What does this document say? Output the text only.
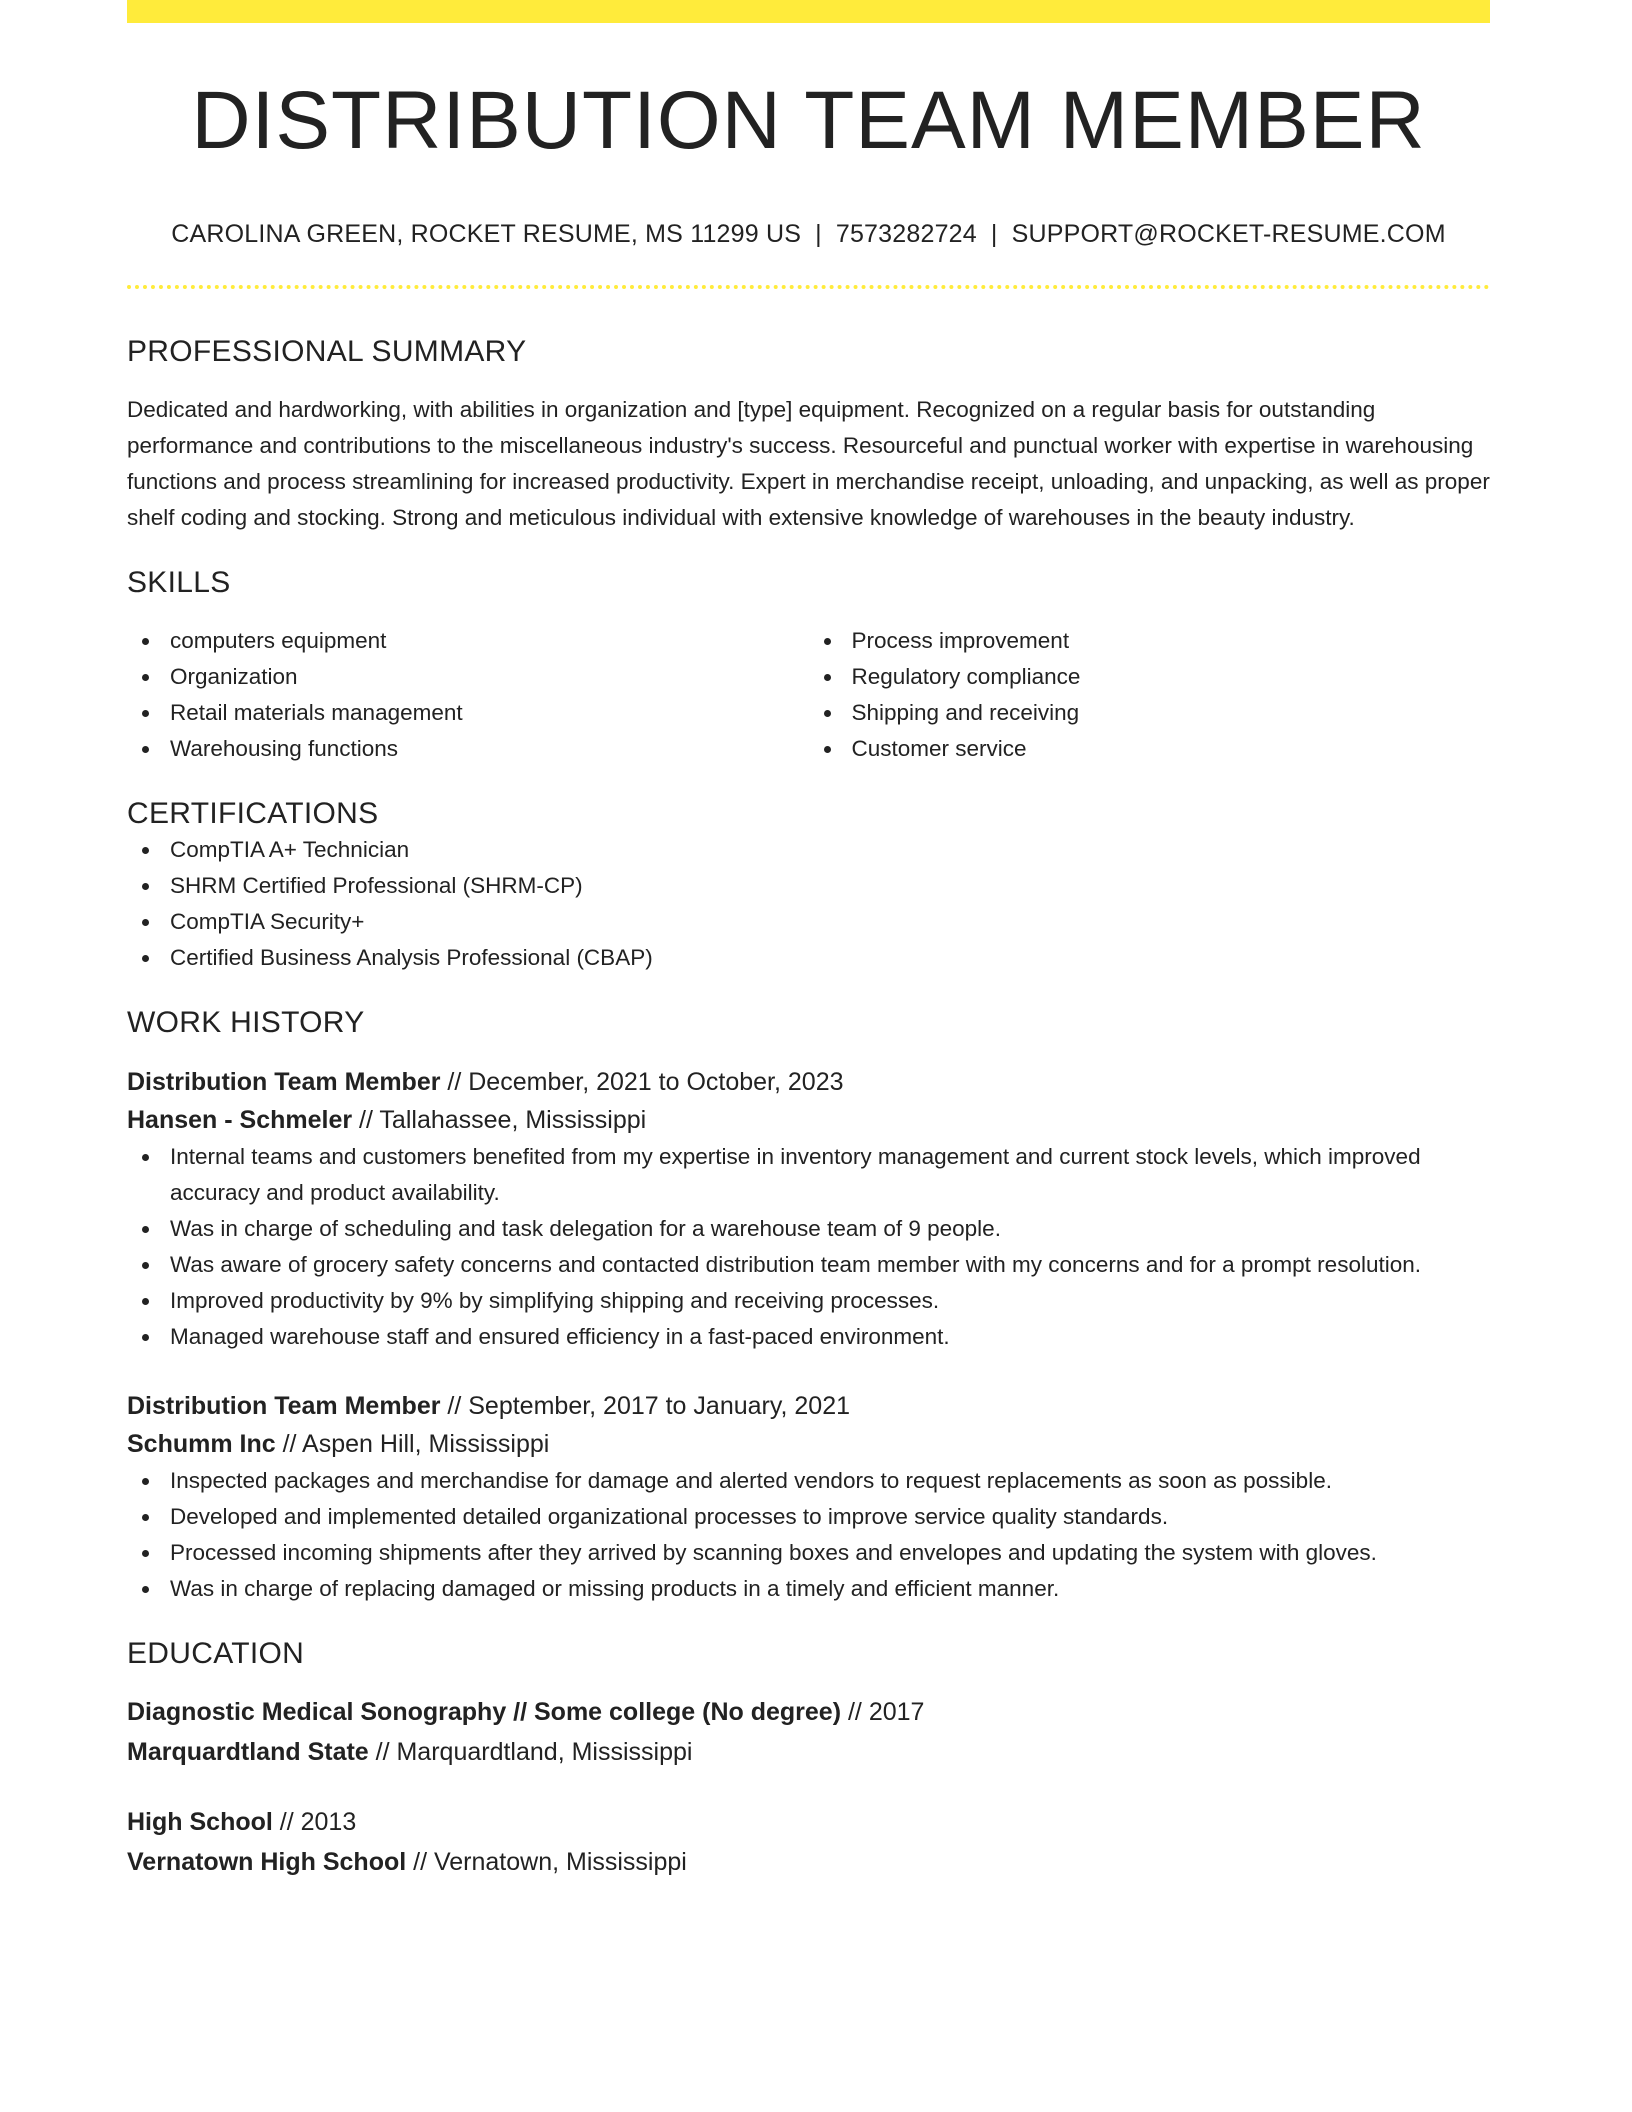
DISTRIBUTION TEAM MEMBER
CAROLINA GREEN, ROCKET RESUME, MS 11299 US | 7573282724 | SUPPORT@ROCKET-RESUME.COM
PROFESSIONAL SUMMARY

Dedicated and hardworking, with abilities in organization and [type] equipment. Recognized on a regular basis for outstanding performance and contributions to the miscellaneous industry's success. Resourceful and punctual worker with expertise in warehousing functions and process streamlining for increased productivity. Expert in merchandise receipt, unloading, and unpacking, as well as proper shelf coding and stocking. Strong and meticulous individual with extensive knowledge of warehouses in the beauty industry.

SKILLS
computers equipment
Organization
Retail materials management
Warehousing functions
Process improvement
Regulatory compliance
Shipping and receiving
Customer service
CERTIFICATIONS
CompTIA A+ Technician
SHRM Certified Professional (SHRM-CP)
CompTIA Security+
Certified Business Analysis Professional (CBAP)
WORK HISTORY
Distribution Team Member // December, 2021 to October, 2023
Hansen - Schmeler // Tallahassee, Mississippi
Internal teams and customers benefited from my expertise in inventory management and current stock levels, which improved accuracy and product availability.
Was in charge of scheduling and task delegation for a warehouse team of 9 people.
Was aware of grocery safety concerns and contacted distribution team member with my concerns and for a prompt resolution.
Improved productivity by 9% by simplifying shipping and receiving processes.
Managed warehouse staff and ensured efficiency in a fast-paced environment.
Distribution Team Member // September, 2017 to January, 2021
Schumm Inc // Aspen Hill, Mississippi
Inspected packages and merchandise for damage and alerted vendors to request replacements as soon as possible.
Developed and implemented detailed organizational processes to improve service quality standards.
Processed incoming shipments after they arrived by scanning boxes and envelopes and updating the system with gloves.
Was in charge of replacing damaged or missing products in a timely and efficient manner.
EDUCATION
Diagnostic Medical Sonography // Some college (No degree) // 2017
Marquardtland State // Marquardtland, Mississippi
High School // 2013
Vernatown High School // Vernatown, Mississippi
